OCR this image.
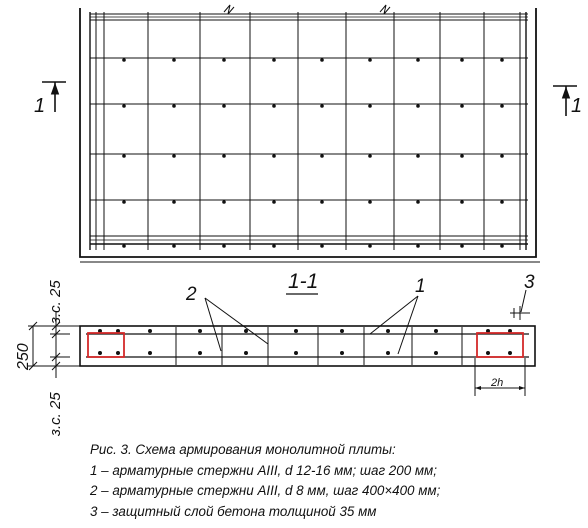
1	1
1-1
2	1	3
з.с. 25
250
з.с. 25
2h
Рис. 3. Схема армирования монолитной плиты:
1 – арматурные стержни AIII, d 12-16 мм; шаг 200 мм;
2 – арматурные стержни AIII, d 8 мм, шаг 400×400 мм;
3 – защитный слой бетона толщиной 35 мм
